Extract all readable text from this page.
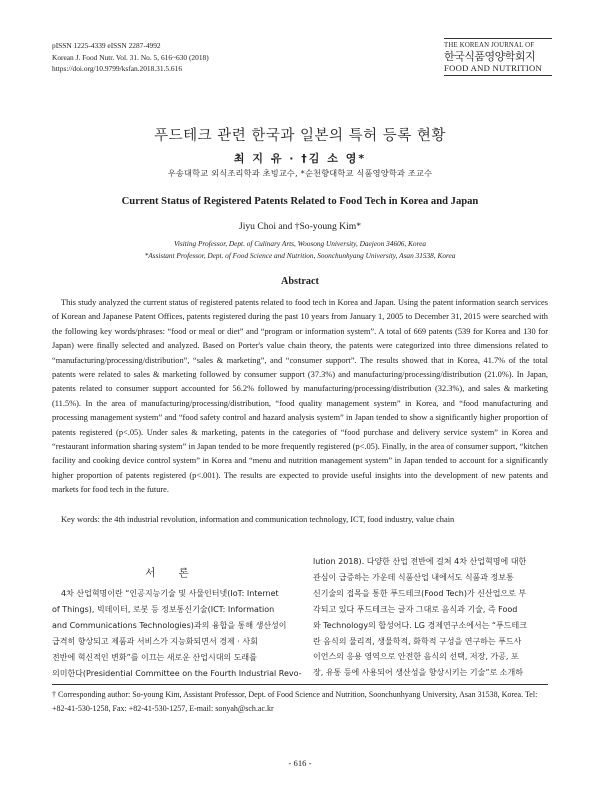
pISSN 1225-4339 eISSN 2287-4992
Korean J. Food Nutr. Vol. 31. No. 5, 616~630 (2018)
https://doi.org/10.9799/ksfan.2018.31.5.616
THE KOREAN JOURNAL OF
한국식품영양학회지
FOOD AND NUTRITION
푸드테크 관련 한국과 일본의 특허 등록 현황
최 지 유 · †김 소 영*
우송대학교 외식조리학과 초빙교수, *순천향대학교 식품영양학과 조교수
Current Status of Registered Patents Related to Food Tech in Korea and Japan
Jiyu Choi and †So-young Kim*
Visiting Professor, Dept. of Culinary Arts, Woosong University, Daejeon 34606, Korea
*Assistant Professor, Dept. of Food Science and Nutrition, Soonchunhyang University, Asan 31538, Korea
Abstract
This study analyzed the current status of registered patents related to food tech in Korea and Japan. Using the patent information search services of Korean and Japanese Patent Offices, patents registered during the past 10 years from January 1, 2005 to December 31, 2015 were searched with the following key words/phrases: “food or meal or diet” and “program or information system”. A total of 669 patents (539 for Korea and 130 for Japan) were finally selected and analyzed. Based on Porter's value chain theory, the patents were categorized into three dimensions related to “manufacturing/processing/distribution”, “sales & marketing”, and “consumer support”. The results showed that in Korea, 41.7% of the total patents were related to sales & marketing followed by consumer support (37.3%) and manufacturing/processing/distribution (21.0%). In Japan, patents related to consumer support accounted for 56.2% followed by manufacturing/processing/distribution (32.3%), and sales & marketing (11.5%). In the area of manufacturing/processing/distribution, “food quality management system” in Korea, and “food manufacturing and processing management system” and “food safety control and hazard analysis system” in Japan tended to show a significantly higher proportion of patents registered (p<.05). Under sales & marketing, patents in the categories of “food purchase and delivery service system” in Korea and “restaurant information sharing system” in Japan tended to be more frequently registered (p<.05). Finally, in the area of consumer support, “kitchen facility and cooking device control system” in Korea and “menu and nutrition management system” in Japan tended to account for a significantly higher proportion of patents registered (p<.001). The results are expected to provide useful insights into the development of new patents and markets for food tech in the future.
Key words: the 4th industrial revolution, information and communication technology, ICT, food industry, value chain
서 론
4차 산업혁명이란 “인공지능기술 및 사물인터넷(IoT: Internet
of Things), 빅데이터, 로봇 등 정보통신기술(ICT: Information
and Communications Technologies)과의 융합을 통해 생산성이
급격히 향상되고 제품과 서비스가 지능화되면서 경제 · 사회
전반에 혁신적인 변화”를 이끄는 새로운 산업시대의 도래를
의미한다(Presidential Committee on the Fourth Industrial Revo-
lution 2018). 다양한 산업 전반에 걸쳐 4차 산업혁명에 대한
관심이 급증하는 가운데 식품산업 내에서도 식품과 정보통
신기술의 접목을 통한 푸드테크(Food Tech)가 신산업으로 부
각되고 있다 푸드테크는 글자 그대로 음식과 기술, 즉 Food
와 Technology의 합성어다. LG 경제연구소에서는 “푸드테크
란 음식의 물리적, 생물학적, 화학적 구성을 연구하는 푸드사
이언스의 응용 영역으로 안전한 음식의 선택, 저장, 가공, 포
장, 유통 등에 사용되어 생산성을 향상시키는 기술”로 소개하
† Corresponding author: So-young Kim, Assistant Professor, Dept. of Food Science and Nutrition, Soonchunhyang University, Asan 31538, Korea. Tel: +82-41-530-1258, Fax: +82-41-530-1257, E-mail: sonyah@sch.ac.kr
- 616 -
